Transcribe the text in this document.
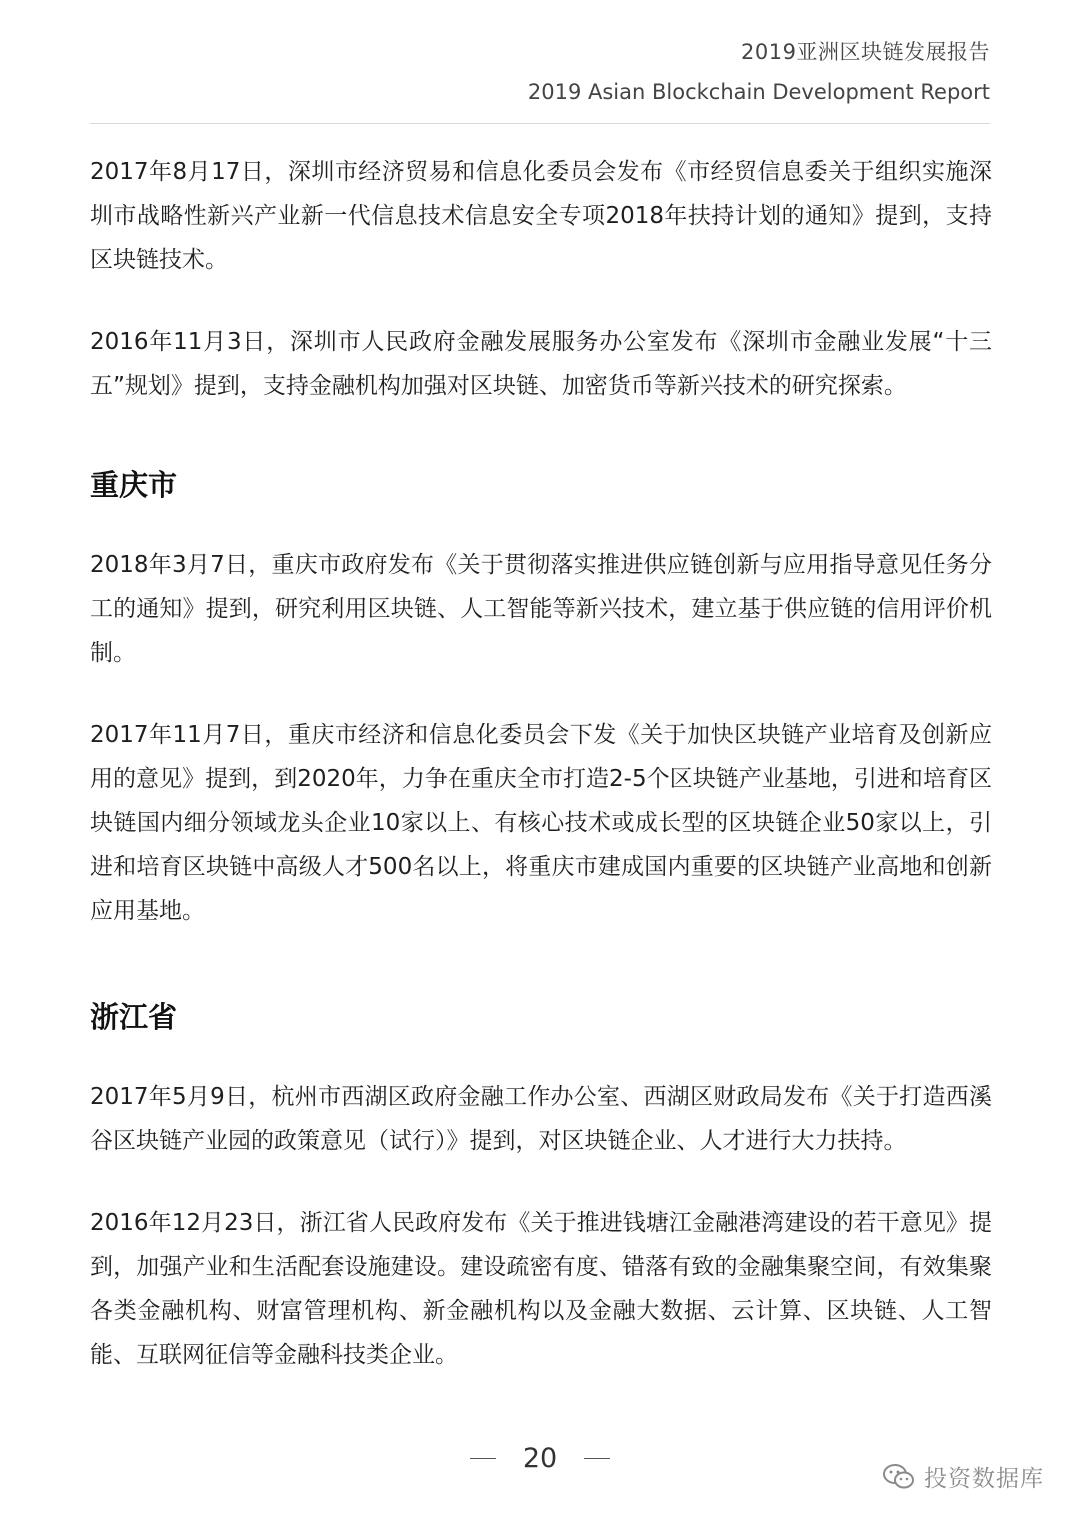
2019亚洲区块链发展报告
2019 Asian Blockchain Development Report

2017年8月17日，深圳市经济贸易和信息化委员会发布《市经贸信息委关于组织实施深圳市战略性新兴产业新一代信息技术信息安全专项2018年扶持计划的通知》提到，支持区块链技术。

2016年11月3日，深圳市人民政府金融发展服务办公室发布《深圳市金融业发展“十三五”规划》提到，支持金融机构加强对区块链、加密货币等新兴技术的研究探索。

重庆市

2018年3月7日，重庆市政府发布《关于贯彻落实推进供应链创新与应用指导意见任务分工的通知》提到，研究利用区块链、人工智能等新兴技术，建立基于供应链的信用评价机制。

2017年11月7日，重庆市经济和信息化委员会下发《关于加快区块链产业培育及创新应用的意见》提到，到2020年，力争在重庆全市打造2-5个区块链产业基地，引进和培育区块链国内细分领域龙头企业10家以上、有核心技术或成长型的区块链企业50家以上，引进和培育区块链中高级人才500名以上，将重庆市建成国内重要的区块链产业高地和创新应用基地。

浙江省

2017年5月9日，杭州市西湖区政府金融工作办公室、西湖区财政局发布《关于打造西溪谷区块链产业园的政策意见（试行）》提到，对区块链企业、人才进行大力扶持。

2016年12月23日，浙江省人民政府发布《关于推进钱塘江金融港湾建设的若干意见》提到，加强产业和生活配套设施建设。建设疏密有度、错落有致的金融集聚空间，有效集聚各类金融机构、财富管理机构、新金融机构以及金融大数据、云计算、区块链、人工智能、互联网征信等金融科技类企业。

20
投资数据库
